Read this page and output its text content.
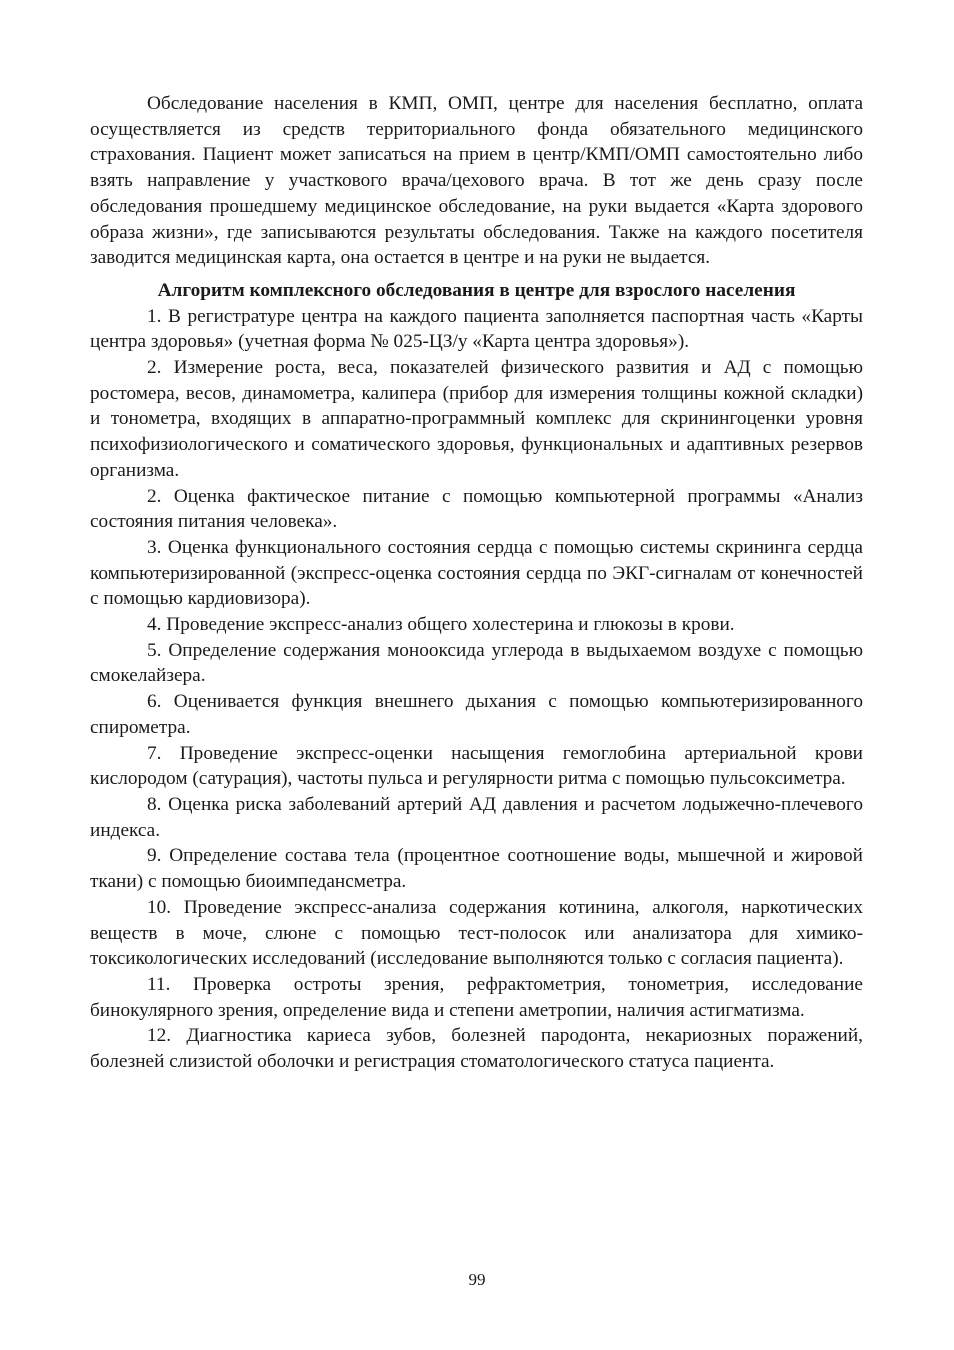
Обследование населения в КМП, ОМП, центре для населения бесплатно, оплата осуществляется из средств территориального фонда обязательного медицинского страхования. Пациент может записаться на прием в центр/КМП/ОМП самостоятельно либо взять направление у участкового врача/цехового врача. В тот же день сразу после обследования прошедшему медицинское обследование, на руки выдается «Карта здорового образа жизни», где записываются результаты обследования. Также на каждого посетителя заводится медицинская карта, она остается в центре и на руки не выдается.

Алгоритм комплексного обследования в центре для взрослого населения

1. В регистратуре центра на каждого пациента заполняется паспортная часть «Карты центра здоровья» (учетная форма № 025-ЦЗ/у «Карта центра здоровья»).

2. Измерение роста, веса, показателей физического развития и АД с помощью ростомера, весов, динамометра, калипера (прибор для измерения толщины кожной складки) и тонометра, входящих в аппаратно-программный комплекс для скринингоценки уровня психофизиологического и соматического здоровья, функциональных и адаптивных резервов организма.

2. Оценка фактическое питание с помощью компьютерной программы «Анализ состояния питания человека».

3. Оценка функционального состояния сердца с помощью системы скрининга сердца компьютеризированной (экспресс-оценка состояния сердца по ЭКГ-сигналам от конечностей с помощью кардиовизора).

4. Проведение экспресс-анализ общего холестерина и глюкозы в крови.

5. Определение содержания монооксида углерода в выдыхаемом воздухе с помощью смокелайзера.

6. Оценивается функция внешнего дыхания с помощью компьютеризированного спирометра.

7. Проведение экспресс-оценки насыщения гемоглобина артериальной крови кислородом (сатурация), частоты пульса и регулярности ритма с помощью пульсоксиметра.

8. Оценка риска заболеваний артерий АД давления и расчетом лодыжечно-плечевого индекса.

9. Определение состава тела (процентное соотношение воды, мышечной и жировой ткани) с помощью биоимпедансметра.

10. Проведение экспресс-анализа содержания котинина, алкоголя, наркотических веществ в моче, слюне с помощью тест-полосок или анализатора для химико-токсикологических исследований (исследование выполняются только с согласия пациента).

11. Проверка остроты зрения, рефрактометрия, тонометрия, исследование бинокулярного зрения, определение вида и степени аметропии, наличия астигматизма.

12. Диагностика кариеса зубов, болезней пародонта, некариозных поражений, болезней слизистой оболочки и регистрация стоматологического статуса пациента.

99
